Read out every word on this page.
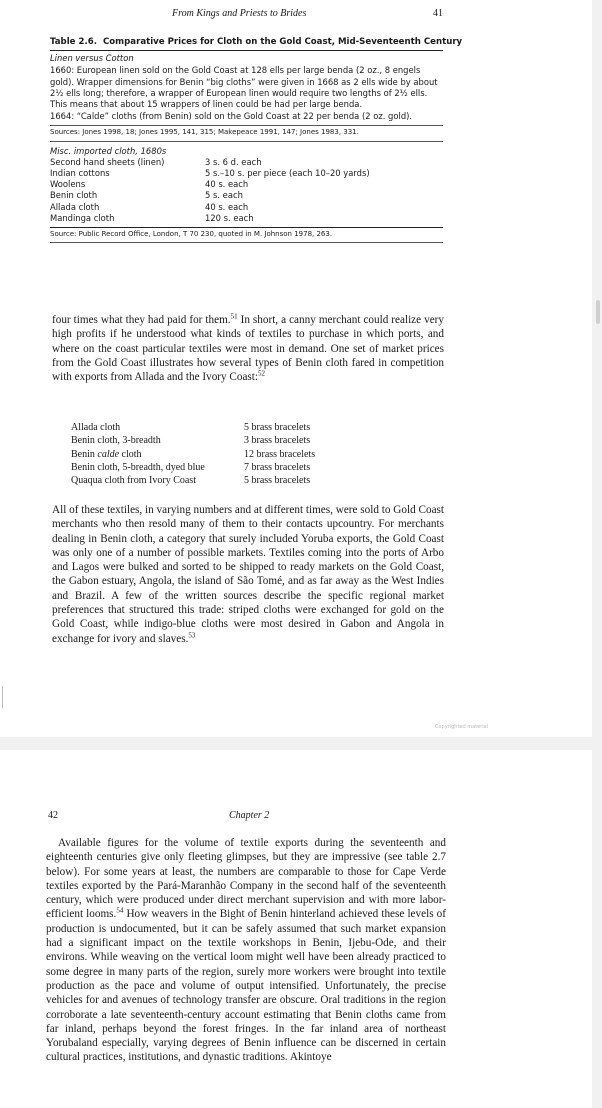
From Kings and Priests to Brides	41
Table 2.6. Comparative Prices for Cloth on the Gold Coast, Mid-Seventeenth Century
Linen versus Cotton
1660: European linen sold on the Gold Coast at 128 ells per large benda (2 oz., 8 engels gold). Wrapper dimensions for Benin “big cloths” were given in 1668 as 2 ells wide by about 2½ ells long; therefore, a wrapper of European linen would require two lengths of 2½ ells. This means that about 15 wrappers of linen could be had per large benda.
1664: “Calde” cloths (from Benin) sold on the Gold Coast at 22 per benda (2 oz. gold).
Sources: Jones 1998, 18; Jones 1995, 141, 315; Makepeace 1991, 147; Jones 1983, 331.
Misc. imported cloth, 1680s
Second hand sheets (linen)	3 s. 6 d. each
Indian cottons	5 s.–10 s. per piece (each 10–20 yards)
Woolens	40 s. each
Benin cloth	5 s. each
Allada cloth	40 s. each
Mandinga cloth	120 s. each
Source: Public Record Office, London, T 70 230, quoted in M. Johnson 1978, 263.

four times what they had paid for them.$^{51}$ In short, a canny merchant could realize very high profits if he understood what kinds of textiles to purchase in which ports, and where on the coast particular textiles were most in demand. One set of market prices from the Gold Coast illustrates how several types of Benin cloth fared in competition with exports from Allada and the Ivory Coast:$^{52}$

Allada cloth	5 brass bracelets
Benin cloth, 3-breadth	3 brass bracelets
Benin calde cloth	12 brass bracelets
Benin cloth, 5-breadth, dyed blue	7 brass bracelets
Quaqua cloth from Ivory Coast	5 brass bracelets

All of these textiles, in varying numbers and at different times, were sold to Gold Coast merchants who then resold many of them to their contacts upcountry. For merchants dealing in Benin cloth, a category that surely included Yoruba exports, the Gold Coast was only one of a number of possible markets. Textiles coming into the ports of Arbo and Lagos were bulked and sorted to be shipped to ready markets on the Gold Coast, the Gabon estuary, Angola, the island of São Tomé, and as far away as the West Indies and Brazil. A few of the written sources describe the specific regional market preferences that structured this trade: striped cloths were exchanged for gold on the Gold Coast, while indigo-blue cloths were most desired in Gabon and Angola in exchange for ivory and slaves.$^{53}$

Copyrighted material
42	Chapter 2

Available figures for the volume of textile exports during the seventeenth and eighteenth centuries give only fleeting glimpses, but they are impressive (see table 2.7 below). For some years at least, the numbers are comparable to those for Cape Verde textiles exported by the Pará-Maranhão Company in the second half of the seventeenth century, which were produced under direct merchant supervision and with more labor-efficient looms.$^{54}$ How weavers in the Bight of Benin hinterland achieved these levels of production is undocumented, but it can be safely assumed that such market expansion had a significant impact on the textile workshops in Benin, Ijebu-Ode, and their environs. While weaving on the vertical loom might well have been already practiced to some degree in many parts of the region, surely more workers were brought into textile production as the pace and volume of output intensified. Unfortunately, the precise vehicles for and avenues of technology transfer are obscure. Oral traditions in the region corroborate a late seventeenth-century account estimating that Benin cloths came from far inland, perhaps beyond the forest fringes. In the far inland area of northeast Yorubaland especially, varying degrees of Benin influence can be discerned in certain cultural practices, institutions, and dynastic traditions. Akintoye
